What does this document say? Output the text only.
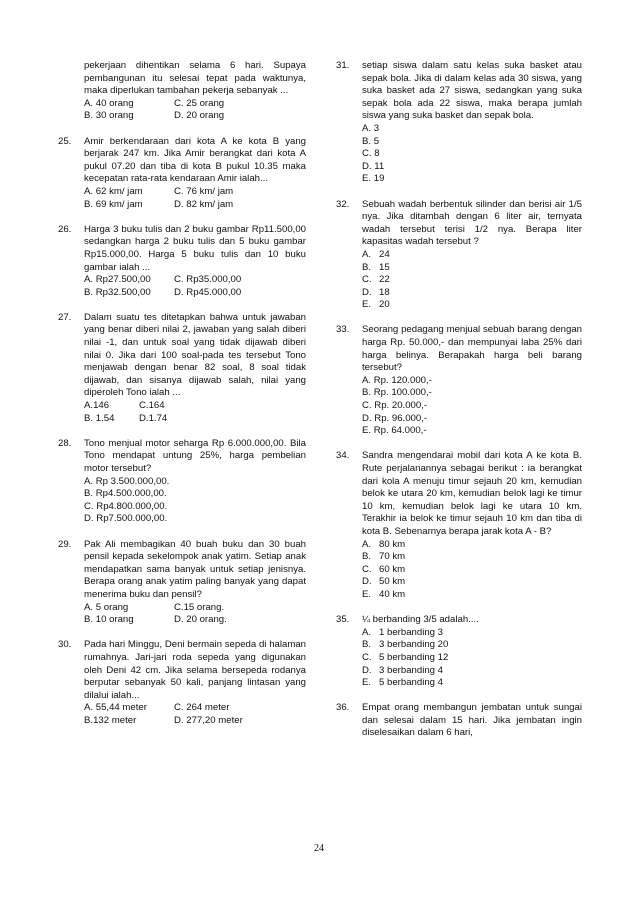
pekerjaan dihentikan selama 6 hari. Supaya pembangunan itu selesai tepat pada waktunya, maka diperlukan tambahan pekerja sebanyak ...
A. 40 orang	C. 25 orang
B. 30 orang	D. 20 orang
25. Amir berkendaraan dari kota A ke kota B yang berjarak 247 km. Jika Amir berangkat dari kota A pukul 07.20 dan tiba di kota B pukul 10.35 maka kecepatan rata-rata kendaraan Amir ialah...
A. 62 km/ jam	C. 76 km/ jam
B. 69 km/ jam	D. 82 km/ jam
26. Harga 3 buku tulis dan 2 buku gambar Rp11.500,00 sedangkan harga 2 buku tulis dan 5 buku gambar Rp15.000,00. Harga 5 buku tulis dan 10 buku gambar ialah ...
A. Rp27.500,00	C. Rp35.000,00
B. Rp32.500,00	D. Rp45.000,00
27. Dalam suatu tes ditetapkan bahwa untuk jawaban yang benar diberi nilai 2, jawaban yang salah diberi nilai -1, dan untuk soal yang tidak dijawab diberi nilai 0. Jika dari 100 soal-pada tes tersebut Tono menjawab dengan benar 82 soal, 8 soal tidak dijawab, dan sisanya dijawab salah, nilai yang diperoleh Tono ialah ...
A.146	C.164
B. 1.54	D.1.74
28. Tono menjual motor seharga Rp 6.000.000,00. Bila Tono mendapat untung 25%, harga pembelian motor tersebut?
A. Rp 3.500.000,00.
B. Rp4.500.000,00.
C. Rp4.800.000,00.
D. Rp7.500.000,00.
29. Pak Ali membagikan 40 buah buku dan 30 buah pensil kepada sekelompok anak yatim. Setiap anak mendapatkan sama banyak untuk setiap jenisnya. Berapa orang anak yatim paling banyak yang dapat menerima buku dan pensil?
A. 5 orang	C.15 orang.
B. 10 orang	D. 20 orang.
30. Pada hari Minggu, Deni bermain sepeda di halaman rumahnya. Jari-jari roda sepeda yang digunakan oleh Deni 42 cm. Jika selama bersepeda rodanya berputar sebanyak 50 kali, panjang lintasan yang dilalui ialah...
A. 55,44 meter	C. 264 meter
B.132 meter	D. 277,20 meter
31. setiap siswa dalam satu kelas suka basket atau sepak bola. Jika di dalam kelas ada 30 siswa, yang suka basket ada 27 siswa, sedangkan yang suka sepak bola ada 22 siswa, maka berapa jumlah siswa yang suka basket dan sepak bola.
A. 3
B. 5
C. 8
D. 11
E. 19
32. Sebuah wadah berbentuk silinder dan berisi air 1/5 nya. Jika ditambah dengan 6 liter air, ternyata wadah tersebut terisi 1/2 nya. Berapa liter kapasitas wadah tersebut ?
A. 24
B. 15
C. 22
D. 18
E. 20
33. Seorang pedagang menjual sebuah barang dengan harga Rp. 50.000,- dan mempunyai laba 25% dari harga belinya. Berapakah harga beli barang tersebut?
A. Rp. 120.000,-
B. Rp. 100.000,-
C. Rp. 20.000,-
D. Rp. 96.000,-
E. Rp. 64.000,-
34. Sandra mengendarai mobil dari kota A ke kota B. Rute perjalanannya sebagai berikut : ia berangkat dari kola A menuju timur sejauh 20 km, kemudian belok ke utara 20 km, kemudian belok lagi ke timur 10 km, kemudian belok lagi ke utara 10 km. Terakhir ia belok ke timur sejauh 10 km dan tiba di kota B. Sebenarnya berapa jarak kota A - B?
A. 80 km
B. 70 km
C. 60 km
D. 50 km
E. 40 km
35. ¼ berbanding 3/5 adalah....
A. 1 berbanding 3
B. 3 berbanding 20
C. 5 berbanding 12
D. 3 berbanding 4
E. 5 berbanding 4
36. Empat orang membangun jembatan untuk sungai dan selesai dalam 15 hari. Jika jembatan ingin diselesaikan dalam 6 hari,
24
